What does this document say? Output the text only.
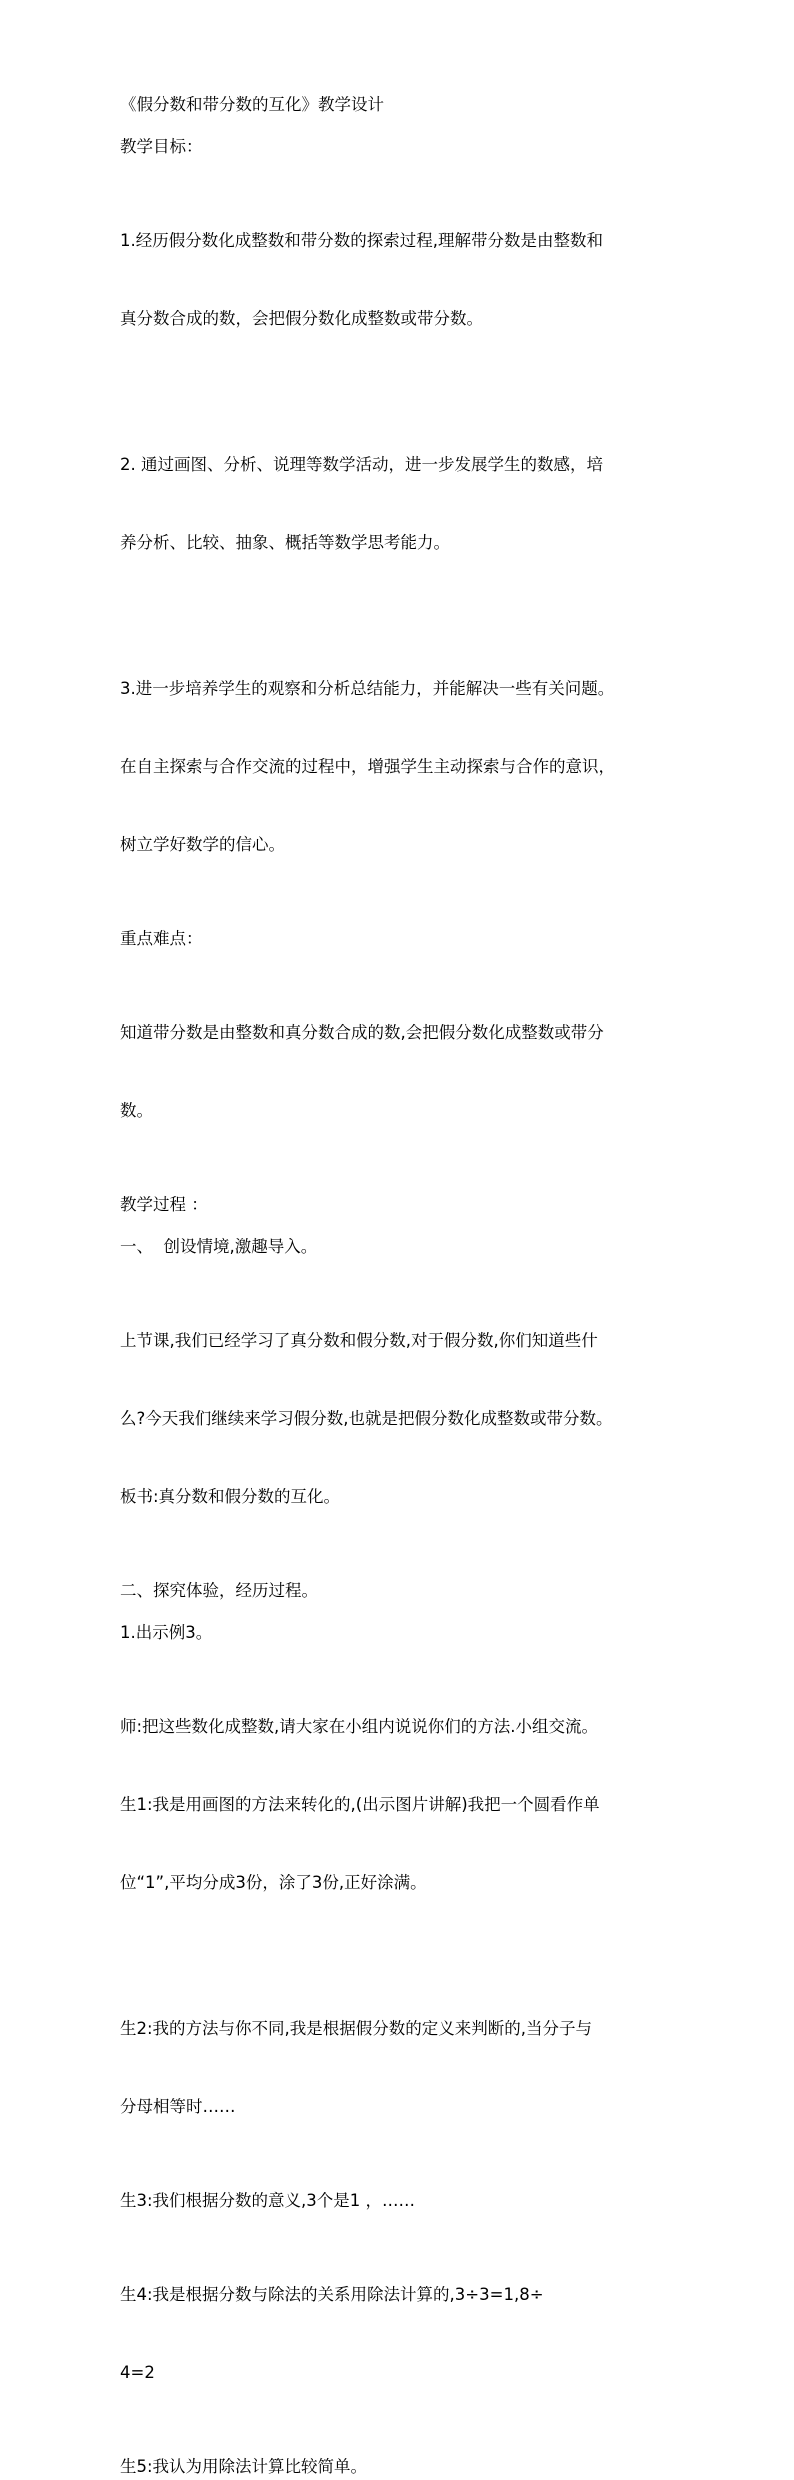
《假分数和带分数的互化》教学设计

教学目标：

1.经历假分数化成整数和带分数的探索过程,理解带分数是由整数和

真分数合成的数，会把假分数化成整数或带分数。

2. 通过画图、分析、说理等数学活动，进一步发展学生的数感，培

养分析、比较、抽象、概括等数学思考能力。

3.进一步培养学生的观察和分析总结能力，并能解决一些有关问题。

在自主探索与合作交流的过程中，增强学生主动探索与合作的意识，

树立学好数学的信心。

重点难点：

知道带分数是由整数和真分数合成的数,会把假分数化成整数或带分

数。

教学过程 ：

一、  创设情境,激趣导入。

上节课,我们已经学习了真分数和假分数,对于假分数,你们知道些什

么?今天我们继续来学习假分数,也就是把假分数化成整数或带分数。

板书:真分数和假分数的互化。

二、探究体验，经历过程。

1.出示例3。

师:把这些数化成整数,请大家在小组内说说你们的方法.小组交流。

生1:我是用画图的方法来转化的,(出示图片讲解)我把一个圆看作单

位“1”,平均分成3份，涂了3份,正好涂满。

生2:我的方法与你不同,我是根据假分数的定义来判断的,当分子与

分母相等时……

生3:我们根据分数的意义,3个是1 ，……

生4:我是根据分数与除法的关系用除法计算的,3÷3=1,8÷

4=2

生5:我认为用除法计算比较简单。
